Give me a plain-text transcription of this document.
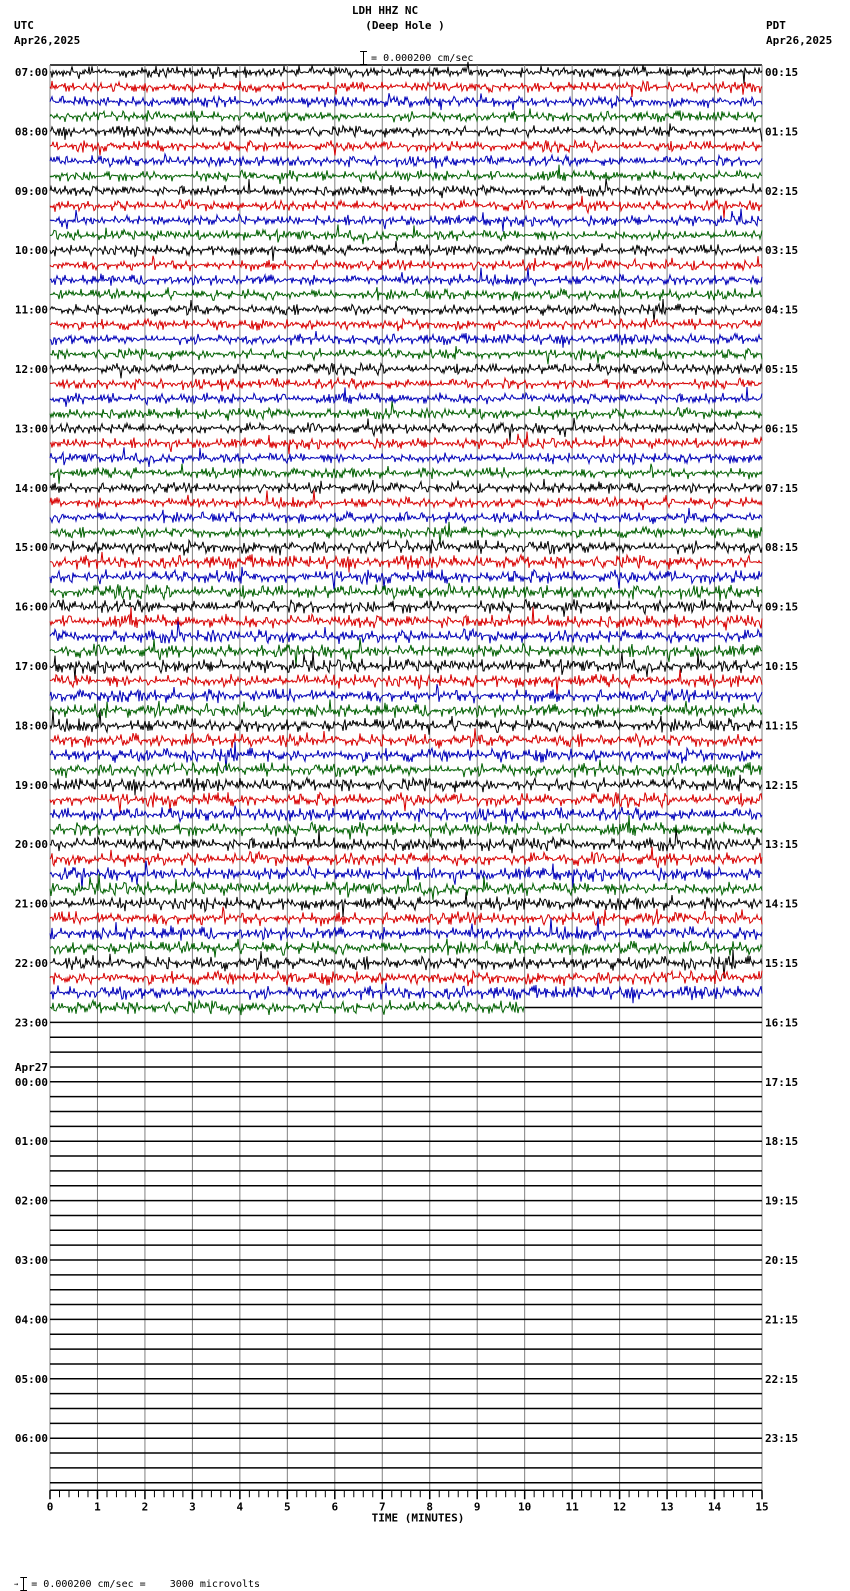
LDH HHZ NC
(Deep Hole )

= 0.000200 cm/sec

UTC
Apr26,2025
PDT
Apr26,2025
07:00
08:00
09:00
10:00
11:00
12:00
13:00
14:00
15:00
16:00
17:00
18:00
19:00
20:00
21:00
22:00
23:00
00:00
Apr27
01:00
02:00
03:00
04:00
05:00
06:00
00:15
01:15
02:15
03:15
04:15
05:15
06:15
07:15
08:15
09:15
10:15
11:15
12:15
13:15
14:15
15:15
16:15
17:15
18:15
19:15
20:15
21:15
22:15
23:15
0	1	2	3	4	5	6	7	8	9	10	11	12	13	14	15
TIME (MINUTES)

→ = 0.000200 cm/sec =    3000 microvolts
